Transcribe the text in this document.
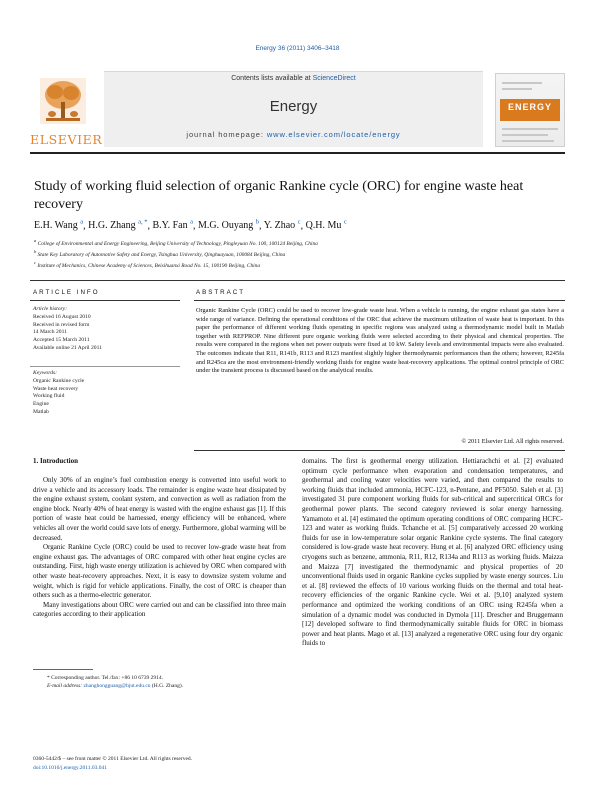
Energy 36 (2011) 3406–3418
ELSEVIER
Contents lists available at ScienceDirect
Energy
journal homepage: www.elsevier.com/locate/energy
ENERGY
Study of working fluid selection of organic Rankine cycle (ORC) for engine waste heat recovery
E.H. Wang $^a$, H.G. Zhang $^{a, *}$, B.Y. Fan $^a$, M.G. Ouyang $^b$, Y. Zhao $^c$, Q.H. Mu $^c$
$^a$ College of Environmental and Energy Engineering, Beijing University of Technology, Pingleyuan No. 100, 100124 Beijing, China
$^b$ State Key Laboratory of Automotive Safety and Energy, Tsinghua University, Qinghuayuan, 100084 Beijing, China
$^c$ Institute of Mechanics, Chinese Academy of Sciences, Beisihuanxi Road No. 15, 100190 Beijing, China
ARTICLE INFO
Article history:
Received 16 August 2010
Received in revised form
14 March 2011
Accepted 15 March 2011
Available online 21 April 2011
Keywords:
Organic Rankine cycle
Waste heat recovery
Working fluid
Engine
Matlab
ABSTRACT
Organic Rankine Cycle (ORC) could be used to recover low-grade waste heat. When a vehicle is running, the engine exhaust gas states have a wide range of variance. Defining the operational conditions of the ORC that achieve the maximum utilization of waste heat is important. In this paper the performance of different working fluids operating in specific regions was analyzed using a thermodynamic model built in Matlab together with REFPROP. Nine different pure organic working fluids were selected according to their physical and chemical properties. The results were compared in the regions when net power outputs were fixed at 10 kW. Safety levels and environmental impacts were also evaluated. The outcomes indicate that R11, R141b, R113 and R123 manifest slightly higher thermodynamic performances than the others; however, R245fa and R245ca are the most environment-friendly working fluids for engine waste heat-recovery applications. The optimal control principle of ORC under the transient process is discussed based on the analytical results.
© 2011 Elsevier Ltd. All rights reserved.
1. Introduction

Only 30% of an engine’s fuel combustion energy is converted into useful work to drive a vehicle and its accessory loads. The remainder is engine waste heat dissipated by the engine exhaust system, coolant system, and convection as well as radiation from the engine block. Nearly 40% of heat energy is wasted with the engine exhaust gas [1]. If this portion of waste heat could be harnessed, energy efficiency will be enhanced, where vehicles all over the world could save lots of energy. Furthermore, global warming will be decreased.

Organic Rankine Cycle (ORC) could be used to recover low-grade waste heat from engine exhaust gas. The advantages of ORC compared with other heat engine cycles are outstanding. First, high waste energy utilization is achieved by ORC when compared with other waste heat-recovery approaches. Next, it is easy to downsize system volume and weight, which is rigid for vehicle applications. Finally, the cost of ORC is cheaper than others such as a thermo-electric generator.

Many investigations about ORC were carried out and can be classified into three main categories according to their application

domains. The first is geothermal energy utilization. Hettiarachchi et al. [2] evaluated optimum cycle performance when evaporation and condensation temperatures, and geothermal and cooling water velocities were varied, and then compared the results to working fluids that included ammonia, HCFC-123, n-Pentane, and PF5050. Saleh et al. [3] investigated 31 pure component working fluids for sub-critical and supercritical ORCs for geothermal power plants. The second category reviewed is solar energy harnessing. Yamamoto et al. [4] estimated the optimum operating conditions of ORC comparing HCFC-123 and water as working fluids. Tchanche et al. [5] comparatively accessed 20 working fluids for use in low-temperature solar organic Rankine cycle systems. The final category considered is low-grade waste heat recovery. Hung et al. [6] analyzed ORC efficiency using cryogens such as benzene, ammonia, R11, R12, R134a and R113 as working fluids. Maizza and Maizza [7] investigated the thermodynamic and physical properties of 20 unconventional fluids used in organic Rankine cycles supplied by waste energy sources. Liu et al. [8] reviewed the effects of 10 various working fluids on the thermal and total heat-recovery efficiencies of the organic Rankine cycle. Wei et al. [9,10] analyzed system performance and optimized the working conditions of an ORC using R245fa when a simulation of a dynamic model was conducted in Dymola [11]. Drescher and Bruggemann [12] developed software to find thermodynamically suitable fluids for ORC in biomass power and heat plants. Mago et al. [13] analyzed a regenerative ORC using four dry organic fluids to

* Corresponding author. Tel./fax: +86 10 6739 2914.
E-mail address: zhanghongguang@bjut.edu.cn (H.G. Zhang).
0360-5442/$ – see front matter © 2011 Elsevier Ltd. All rights reserved.
doi:10.1016/j.energy.2011.03.041
